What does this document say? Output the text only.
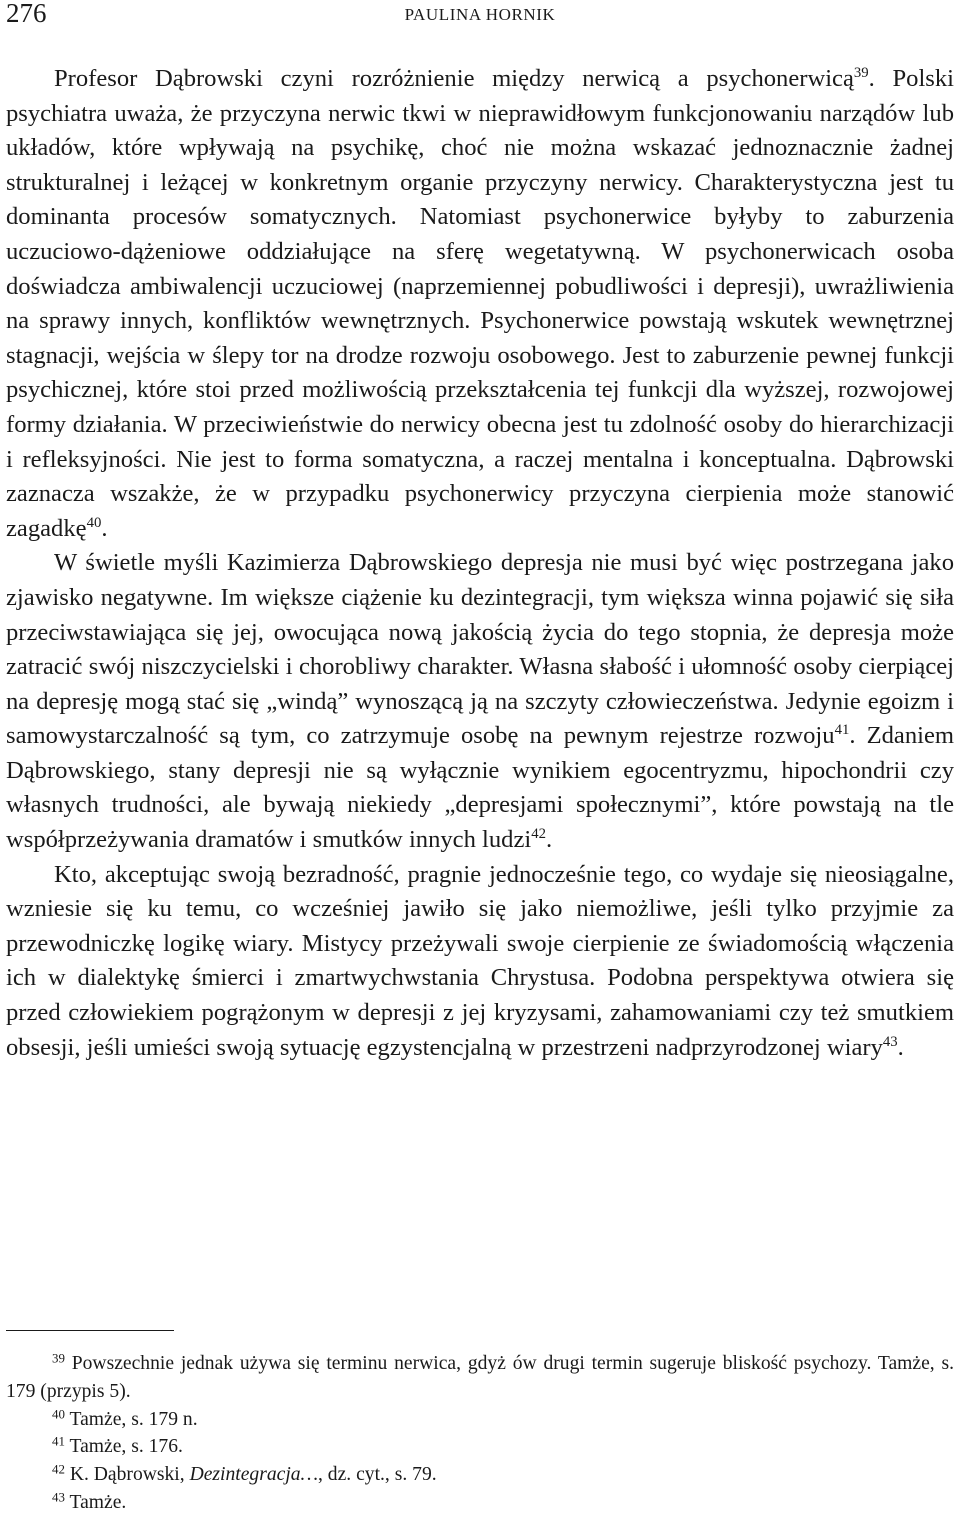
276	PAULINA HORNIK

Profesor Dąbrowski czyni rozróżnienie między nerwicą a psychonerwicą$^{39}$. Polski psychiatra uważa, że przyczyna nerwic tkwi w nieprawidłowym funkcjonowaniu narządów lub układów, które wpływają na psychikę, choć nie można wskazać jednoznacznie żadnej strukturalnej i leżącej w konkretnym organie przyczyny nerwicy. Charakterystyczna jest tu dominanta procesów somatycznych. Natomiast psychonerwice byłyby to zaburzenia uczuciowo-dążeniowe oddziałujące na sferę wegetatywną. W psychonerwicach osoba doświadcza ambiwalencji uczuciowej (naprzemiennej pobudliwości i depresji), uwrażliwienia na sprawy innych, konfliktów wewnętrznych. Psychonerwice powstają wskutek wewnętrznej stagnacji, wejścia w ślepy tor na drodze rozwoju osobowego. Jest to zaburzenie pewnej funkcji psychicznej, które stoi przed możliwością przekształcenia tej funkcji dla wyższej, rozwojowej formy działania. W przeciwieństwie do nerwicy obecna jest tu zdolność osoby do hierarchizacji i refleksyjności. Nie jest to forma somatyczna, a raczej mentalna i konceptualna. Dąbrowski zaznacza wszakże, że w przypadku psychonerwicy przyczyna cierpienia może stanowić zagadkę$^{40}$.

W świetle myśli Kazimierza Dąbrowskiego depresja nie musi być więc postrzegana jako zjawisko negatywne. Im większe ciążenie ku dezintegracji, tym większa winna pojawić się siła przeciwstawiająca się jej, owocująca nową jakością życia do tego stopnia, że depresja może zatracić swój niszczycielski i chorobliwy charakter. Własna słabość i ułomność osoby cierpiącej na depresję mogą stać się „windą” wynoszącą ją na szczyty człowieczeństwa. Jedynie egoizm i samowystarczalność są tym, co zatrzymuje osobę na pewnym rejestrze rozwoju$^{41}$. Zdaniem Dąbrowskiego, stany depresji nie są wyłącznie wynikiem egocentryzmu, hipochondrii czy własnych trudności, ale bywają niekiedy „depresjami społecznymi”, które powstają na tle współprzeżywania dramatów i smutków innych ludzi$^{42}$.

Kto, akceptując swoją bezradność, pragnie jednocześnie tego, co wydaje się nieosiągalne, wzniesie się ku temu, co wcześniej jawiło się jako niemożliwe, jeśli tylko przyjmie za przewodniczkę logikę wiary. Mistycy przeżywali swoje cierpienie ze świadomością włączenia ich w dialektykę śmierci i zmartwychwstania Chrystusa. Podobna perspektywa otwiera się przed człowiekiem pogrążonym w depresji z jej kryzysami, zahamowaniami czy też smutkiem obsesji, jeśli umieści swoją sytuację egzystencjalną w przestrzeni nadprzyrodzonej wiary$^{43}$.

$^{39}$ Powszechnie jednak używa się terminu nerwica, gdyż ów drugi termin sugeruje bliskość psychozy. Tamże, s. 179 (przypis 5).

$^{40}$ Tamże, s. 179 n.

$^{41}$ Tamże, s. 176.

$^{42}$ K. Dąbrowski, Dezintegracja…, dz. cyt., s. 79.

$^{43}$ Tamże.
